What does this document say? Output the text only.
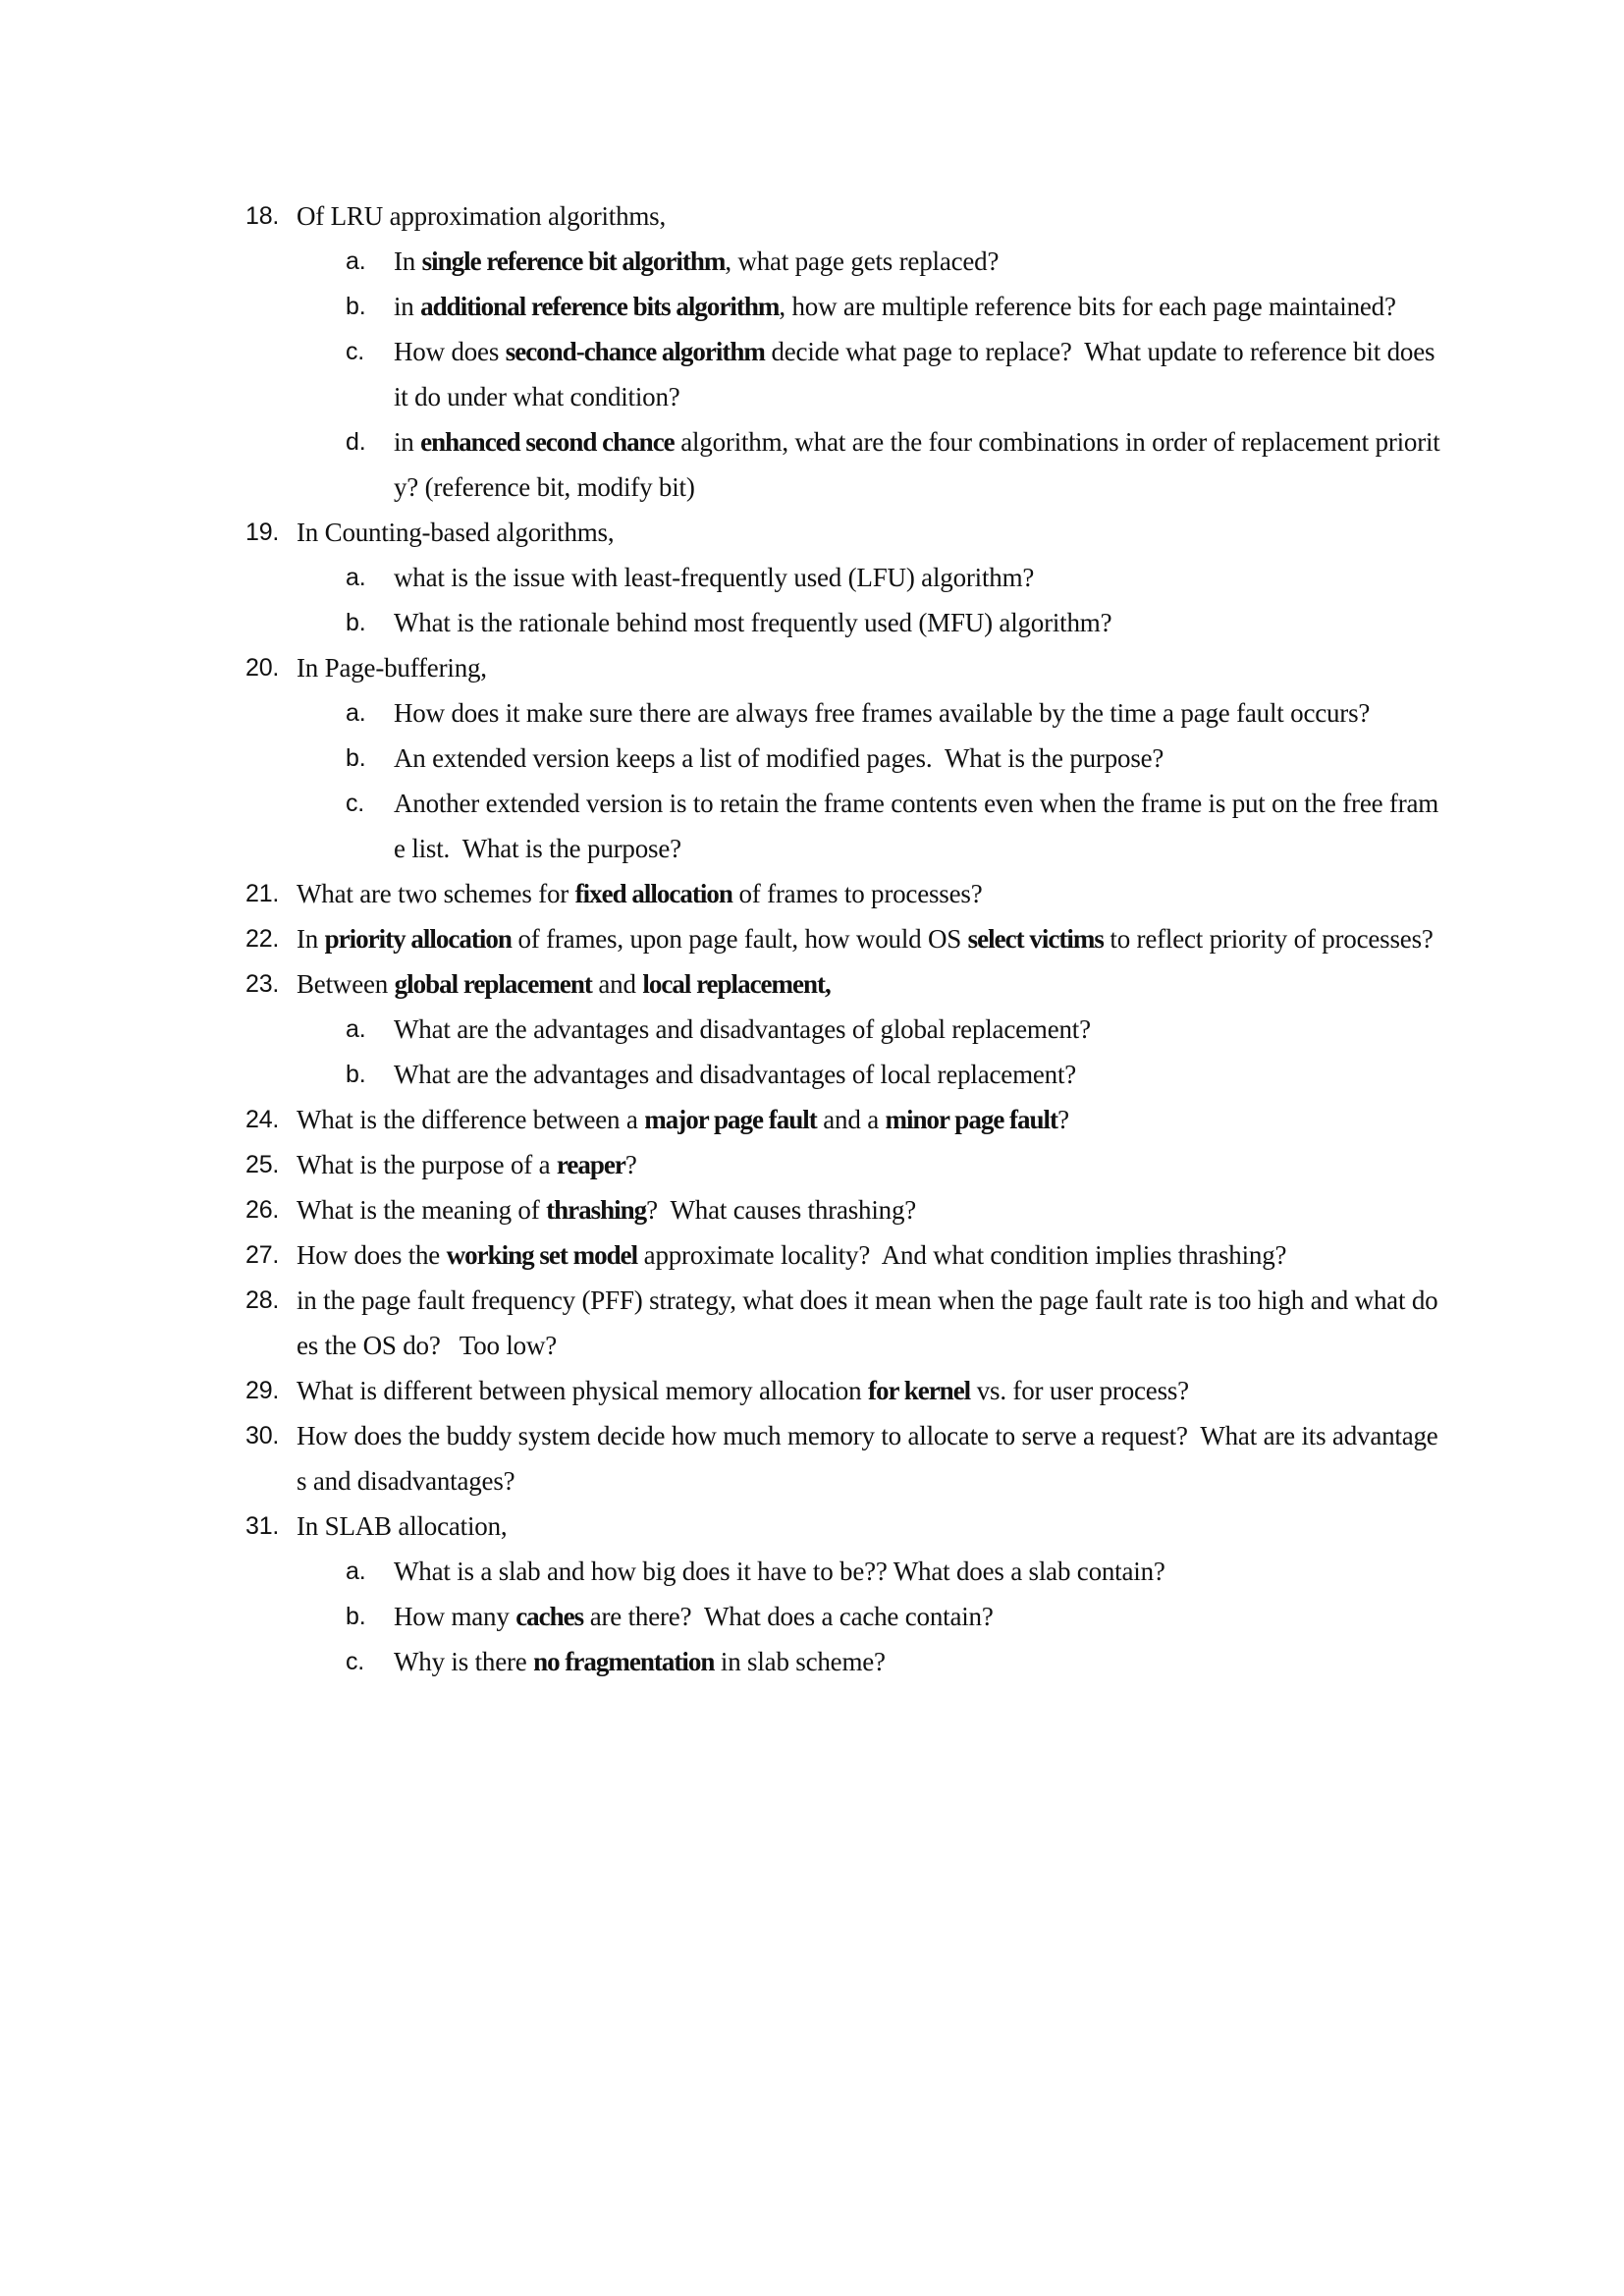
18. Of LRU approximation algorithms,
a. In single reference bit algorithm, what page gets replaced?
b. in additional reference bits algorithm, how are multiple reference bits for each page maintained?
c. How does second-chance algorithm decide what page to replace?  What update to reference bit does it do under what condition?
d. in enhanced second chance algorithm, what are the four combinations in order of replacement priority? (reference bit, modify bit)
19. In Counting-based algorithms,
a. what is the issue with least-frequently used (LFU) algorithm?
b. What is the rationale behind most frequently used (MFU) algorithm?
20. In Page-buffering,
a. How does it make sure there are always free frames available by the time a page fault occurs?
b. An extended version keeps a list of modified pages.  What is the purpose?
c. Another extended version is to retain the frame contents even when the frame is put on the free frame list.  What is the purpose?
21. What are two schemes for fixed allocation of frames to processes?
22. In priority allocation of frames, upon page fault, how would OS select victims to reflect priority of processes?
23. Between global replacement and local replacement,
a. What are the advantages and disadvantages of global replacement?
b. What are the advantages and disadvantages of local replacement?
24. What is the difference between a major page fault and a minor page fault?
25. What is the purpose of a reaper?
26. What is the meaning of thrashing?  What causes thrashing?
27. How does the working set model approximate locality?  And what condition implies thrashing?
28. in the page fault frequency (PFF) strategy, what does it mean when the page fault rate is too high and what does the OS do?   Too low?
29. What is different between physical memory allocation for kernel vs. for user process?
30. How does the buddy system decide how much memory to allocate to serve a request?  What are its advantages and disadvantages?
31. In SLAB allocation,
a. What is a slab and how big does it have to be?? What does a slab contain?
b. How many caches are there?  What does a cache contain?
c. Why is there no fragmentation in slab scheme?
